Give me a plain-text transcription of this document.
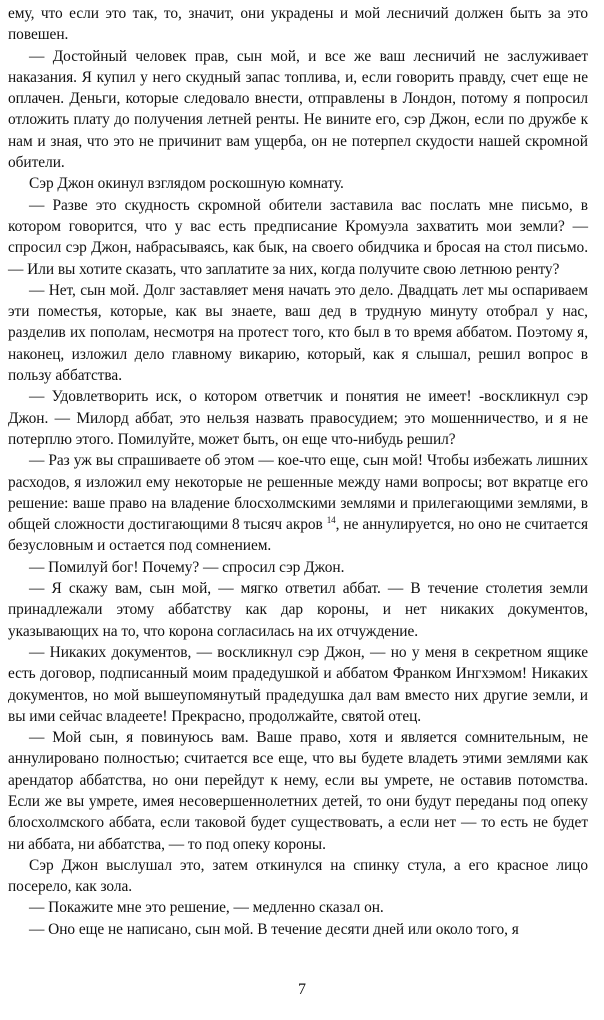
ему, что если это так, то, значит, они украдены и мой лесничий должен быть за это повешен.

— Достойный человек прав, сын мой, и все же ваш лесничий не заслуживает наказания. Я купил у него скудный запас топлива, и, если говорить правду, счет еще не оплачен. Деньги, которые следовало внести, отправлены в Лондон, потому я попросил отложить плату до получения летней ренты. Не вините его, сэр Джон, если по дружбе к нам и зная, что это не причинит вам ущерба, он не потерпел скудости нашей скромной обители.

Сэр Джон окинул взглядом роскошную комнату.

— Разве это скудность скромной обители заставила вас послать мне письмо, в котором говорится, что у вас есть предписание Кромуэла захватить мои земли? — спросил сэр Джон, набрасываясь, как бык, на своего обидчика и бросая на стол письмо. — Или вы хотите сказать, что заплатите за них, когда получите свою летнюю ренту?

— Нет, сын мой. Долг заставляет меня начать это дело. Двадцать лет мы оспариваем эти поместья, которые, как вы знаете, ваш дед в трудную минуту отобрал у нас, разделив их пополам, несмотря на протест того, кто был в то время аббатом. Поэтому я, наконец, изложил дело главному викарию, который, как я слышал, решил вопрос в пользу аббатства.

— Удовлетворить иск, о котором ответчик и понятия не имеет! -воскликнул сэр Джон. — Милорд аббат, это нельзя назвать правосудием; это мошенничество, и я не потерплю этого. Помилуйте, может быть, он еще что-нибудь решил?

— Раз уж вы спрашиваете об этом — кое-что еще, сын мой! Чтобы избежать лишних расходов, я изложил ему некоторые не решенные между нами вопросы; вот вкратце его решение: ваше право на владение блосхолмскими землями и прилегающими землями, в общей сложности достигающими 8 тысяч акров $^{14}$, не аннулируется, но оно не считается безусловным и остается под сомнением.

— Помилуй бог! Почему? — спросил сэр Джон.

— Я скажу вам, сын мой, — мягко ответил аббат. — В течение столетия земли принадлежали этому аббатству как дар короны, и нет никаких документов, указывающих на то, что корона согласилась на их отчуждение.

— Никаких документов, — воскликнул сэр Джон, — но у меня в секретном ящике есть договор, подписанный моим прадедушкой и аббатом Франком Ингхэмом! Никаких документов, но мой вышеупомянутый прадедушка дал вам вместо них другие земли, и вы ими сейчас владеете! Прекрасно, продолжайте, святой отец.

— Мой сын, я повинуюсь вам. Ваше право, хотя и является сомнительным, не аннулировано полностью; считается все еще, что вы будете владеть этими землями как арендатор аббатства, но они перейдут к нему, если вы умрете, не оставив потомства. Если же вы умрете, имея несовершеннолетних детей, то они будут переданы под опеку блосхолмского аббата, если таковой будет существовать, а если нет — то есть не будет ни аббата, ни аббатства, — то под опеку короны.

Сэр Джон выслушал это, затем откинулся на спинку стула, а его красное лицо посерело, как зола.

— Покажите мне это решение, — медленно сказал он.

— Оно еще не написано, сын мой. В течение десяти дней или около того, я

7
